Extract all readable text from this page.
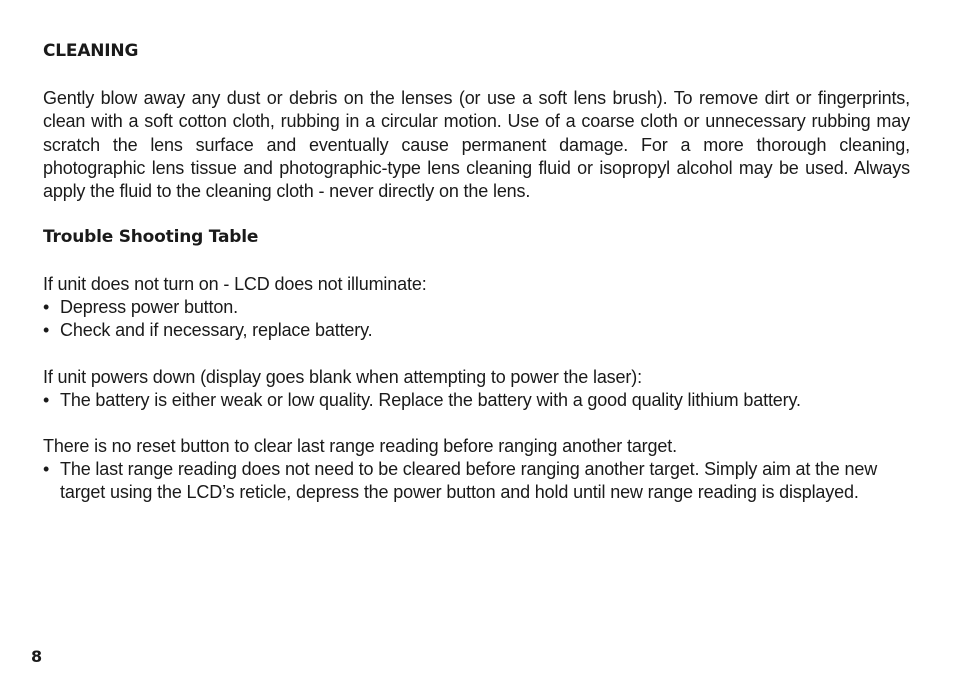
CLEANING

Gently blow away any dust or debris on the lenses (or use a soft lens brush). To remove dirt or fingerprints, clean with a soft cotton cloth, rubbing in a circular motion. Use of a coarse cloth or unnecessary rubbing may scratch the lens surface and eventually cause permanent damage. For a more thorough cleaning, photographic lens tissue and photographic-type lens cleaning fluid or isopropyl alcohol may be used. Always apply the fluid to the cleaning cloth - never directly on the lens.

Trouble Shooting Table

If unit does not turn on - LCD does not illuminate:

• Depress power button.
• Check and if necessary, replace battery.

If unit powers down (display goes blank when attempting to power the laser):

• The battery is either weak or low quality. Replace the battery with a good quality lithium battery.

There is no reset button to clear last range reading before ranging another target.

• The last range reading does not need to be cleared before ranging another target. Simply aim at the new target using the LCD’s reticle, depress the power button and hold until new range reading is displayed.

8
